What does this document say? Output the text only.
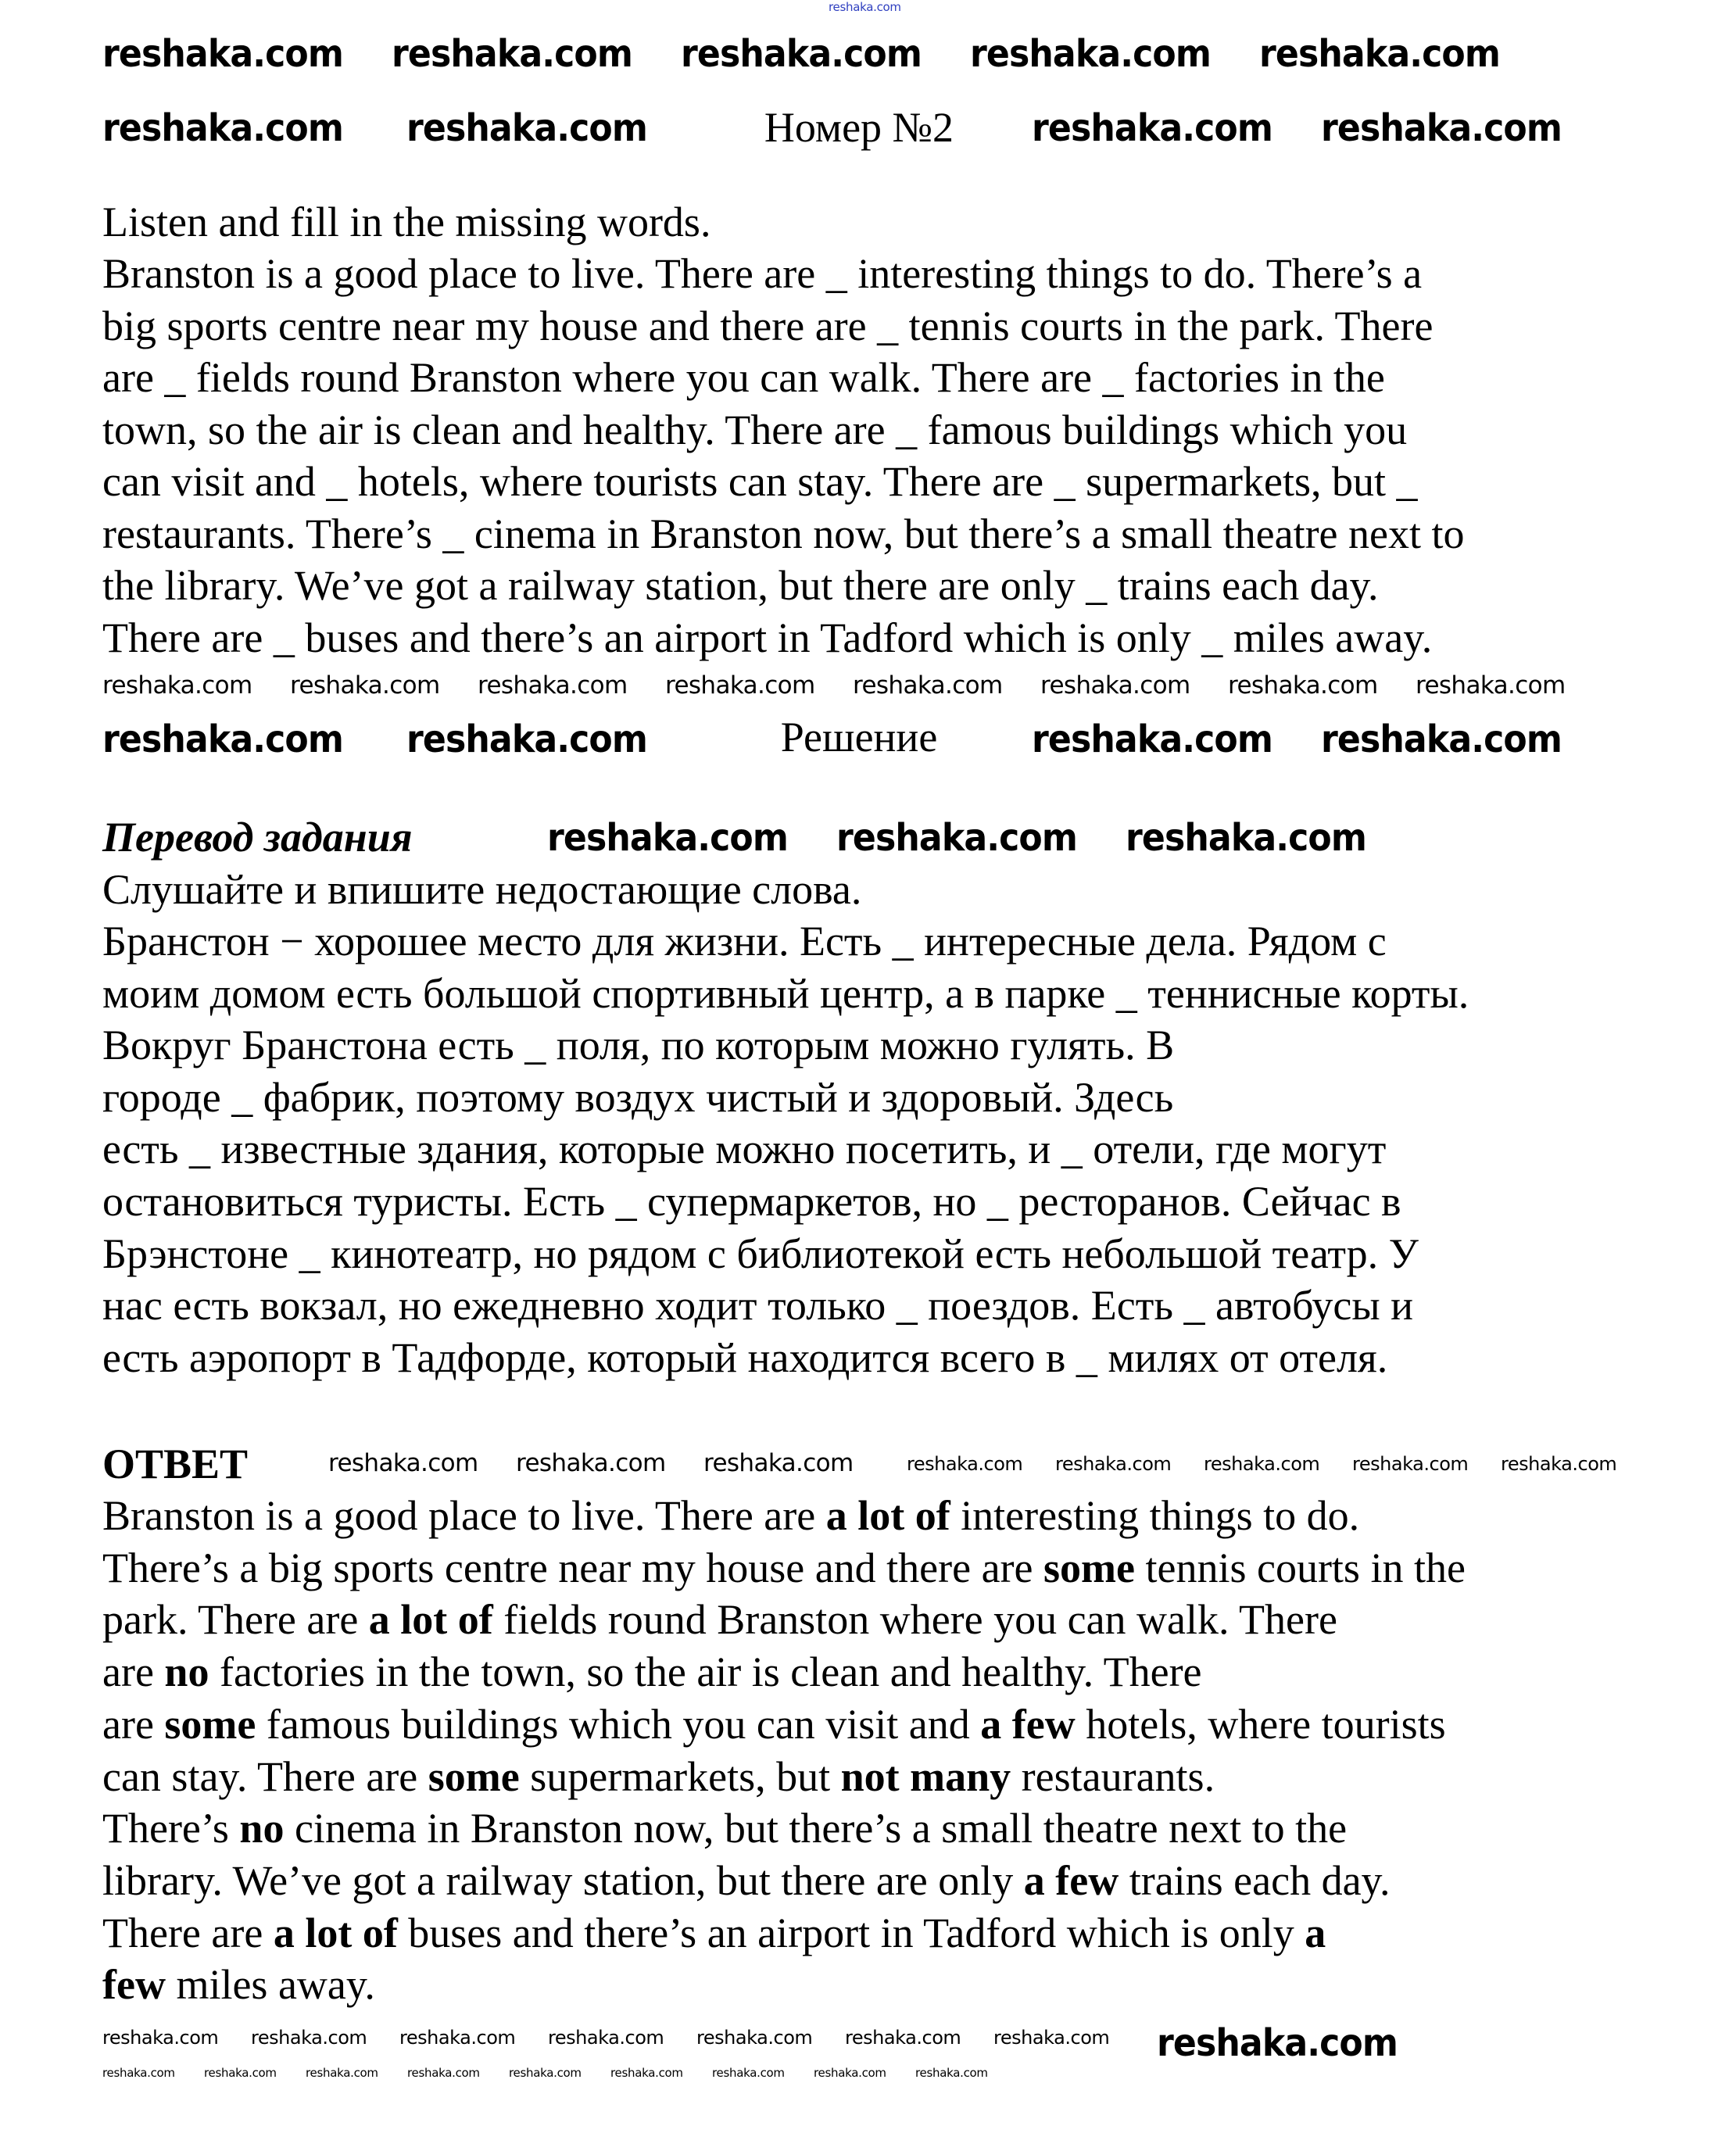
Номер №2
Listen and fill in the missing words.
Branston is a good place to live. There are _ interesting things to do. There’s a
big sports centre near my house and there are _ tennis courts in the park. There
are _ fields round Branston where you can walk. There are _ factories in the
town, so the air is clean and healthy. There are _ famous buildings which you
can visit and _ hotels, where tourists can stay. There are _ supermarkets, but _
restaurants. There’s _ cinema in Branston now, but there’s a small theatre next to
the library. We’ve got a railway station, but there are only _ trains each day.
There are _ buses and there’s an airport in Tadford which is only _ miles away.
Решение
Перевод задания
Слушайте и впишите недостающие слова.
Бранстон − хорошее место для жизни. Есть _ интересные дела. Рядом с
моим домом есть большой спортивный центр, а в парке _ теннисные корты.
Вокруг Бранстона есть _ поля, по которым можно гулять. В
городе _ фабрик, поэтому воздух чистый и здоровый. Здесь
есть _ известные здания, которые можно посетить, и _ отели, где могут
остановиться туристы. Есть _ супермаркетов, но _ ресторанов. Сейчас в
Брэнстоне _ кинотеатр, но рядом с библиотекой есть небольшой театр. У
нас есть вокзал, но ежедневно ходит только _ поездов. Есть _ автобусы и
есть аэропорт в Тадфорде, который находится всего в _ милях от отеля.
ОТВЕТ
Branston is a good place to live. There are a lot of interesting things to do.
There’s a big sports centre near my house and there are some tennis courts in the
park. There are a lot of fields round Branston where you can walk. There
are no factories in the town, so the air is clean and healthy. There
are some famous buildings which you can visit and a few hotels, where tourists
can stay. There are some supermarkets, but not many restaurants.
There’s no cinema in Branston now, but there’s a small theatre next to the
library. We’ve got a railway station, but there are only a few trains each day.
There are a lot of buses and there’s an airport in Tadford which is only a
few miles away.
reshaka.com
reshaka.com reshaka.com reshaka.com reshaka.com reshaka.com
reshaka.com reshaka.com	reshaka.com reshaka.com
reshaka.com reshaka.com reshaka.com reshaka.com reshaka.com reshaka.com reshaka.com reshaka.com
reshaka.com reshaka.com	reshaka.com reshaka.com
reshaka.com reshaka.com reshaka.com
reshaka.com reshaka.com reshaka.com	reshaka.com reshaka.com reshaka.com reshaka.com reshaka.com
reshaka.com reshaka.com reshaka.com reshaka.com reshaka.com reshaka.com reshaka.com
reshaka.com reshaka.com reshaka.com reshaka.com reshaka.com reshaka.com reshaka.com reshaka.com reshaka.com
reshaka.com
